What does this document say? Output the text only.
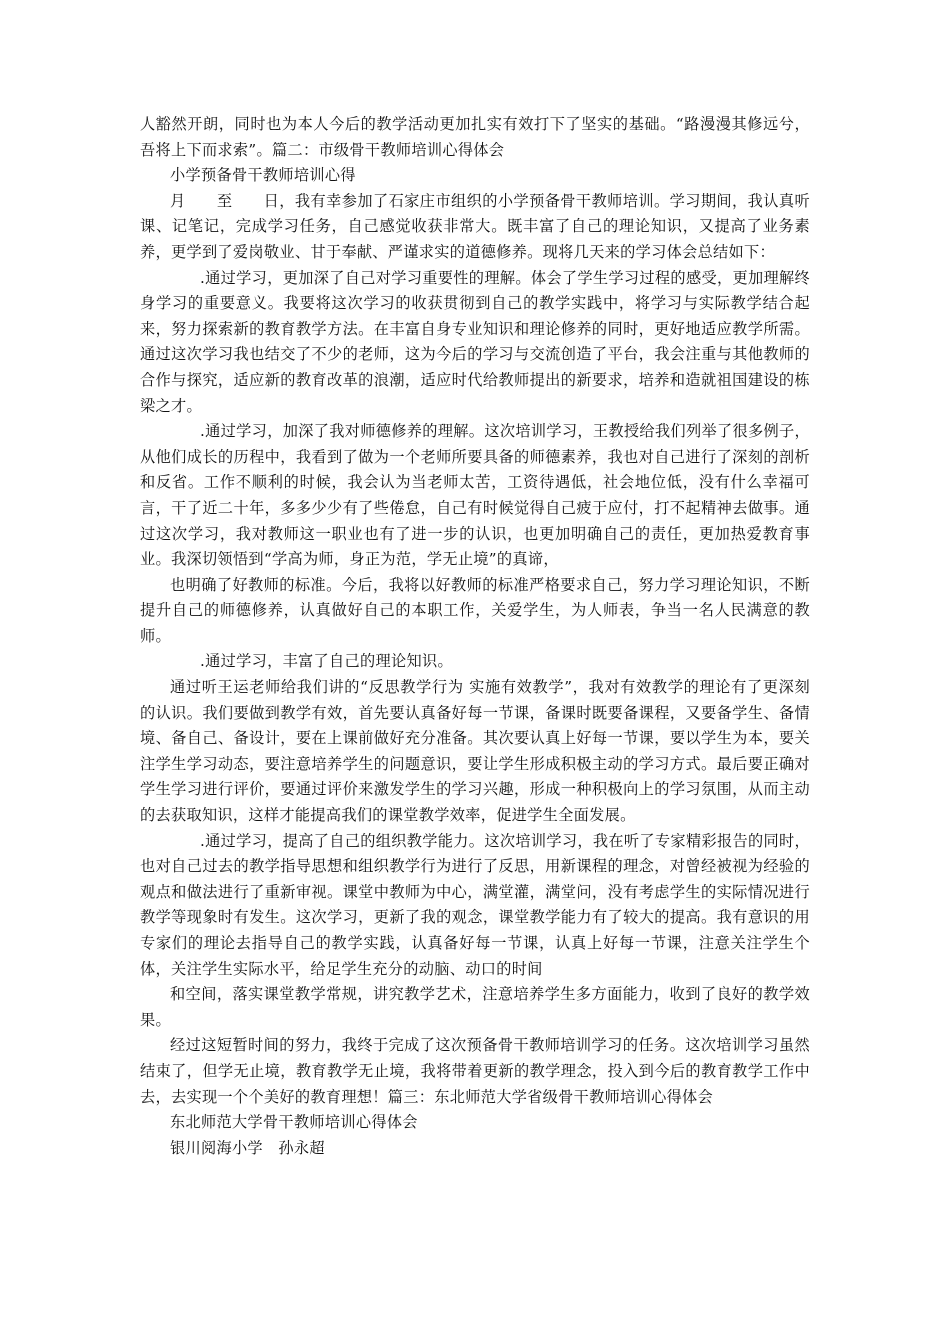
人豁然开朗，同时也为本人今后的教学活动更加扎实有效打下了坚实的基础。“路漫漫其修远兮，吾将上下而求索”。篇二：市级骨干教师培训心得体会

小学预备骨干教师培训心得

月　　至　　日，我有幸参加了石家庄市组织的小学预备骨干教师培训。学习期间，我认真听课、记笔记，完成学习任务，自己感觉收获非常大。既丰富了自己的理论知识，又提高了业务素养，更学到了爱岗敬业、甘于奉献、严谨求实的道德修养。现将几天来的学习体会总结如下：

.通过学习，更加深了自己对学习重要性的理解。体会了学生学习过程的感受，更加理解终身学习的重要意义。我要将这次学习的收获贯彻到自己的教学实践中，将学习与实际教学结合起来，努力探索新的教育教学方法。在丰富自身专业知识和理论修养的同时，更好地适应教学所需。通过这次学习我也结交了不少的老师，这为今后的学习与交流创造了平台，我会注重与其他教师的合作与探究，适应新的教育改革的浪潮，适应时代给教师提出的新要求，培养和造就祖国建设的栋梁之才。

.通过学习，加深了我对师德修养的理解。这次培训学习，王教授给我们列举了很多例子，从他们成长的历程中，我看到了做为一个老师所要具备的师德素养，我也对自己进行了深刻的剖析和反省。工作不顺利的时候，我会认为当老师太苦，工资待遇低，社会地位低，没有什么幸福可言，干了近二十年，多多少少有了些倦怠，自己有时候觉得自己疲于应付，打不起精神去做事。通过这次学习，我对教师这一职业也有了进一步的认识，也更加明确自己的责任，更加热爱教育事业。我深切领悟到“学高为师，身正为范，学无止境”的真谛，

也明确了好教师的标准。今后，我将以好教师的标准严格要求自己，努力学习理论知识，不断提升自己的师德修养，认真做好自己的本职工作，关爱学生，为人师表，争当一名人民满意的教师。

.通过学习，丰富了自己的理论知识。

通过听王运老师给我们讲的“反思教学行为 实施有效教学”，我对有效教学的理论有了更深刻的认识。我们要做到教学有效，首先要认真备好每一节课，备课时既要备课程，又要备学生、备情境、备自己、备设计，要在上课前做好充分准备。其次要认真上好每一节课，要以学生为本，要关注学生学习动态，要注意培养学生的问题意识，要让学生形成积极主动的学习方式。最后要正确对学生学习进行评价，要通过评价来激发学生的学习兴趣，形成一种积极向上的学习氛围，从而主动的去获取知识，这样才能提高我们的课堂教学效率，促进学生全面发展。

.通过学习，提高了自己的组织教学能力。这次培训学习，我在听了专家精彩报告的同时，也对自己过去的教学指导思想和组织教学行为进行了反思，用新课程的理念，对曾经被视为经验的观点和做法进行了重新审视。课堂中教师为中心，满堂灌，满堂问，没有考虑学生的实际情况进行教学等现象时有发生。这次学习，更新了我的观念，课堂教学能力有了较大的提高。我有意识的用专家们的理论去指导自己的教学实践，认真备好每一节课，认真上好每一节课，注意关注学生个体，关注学生实际水平，给足学生充分的动脑、动口的时间

和空间，落实课堂教学常规，讲究教学艺术，注意培养学生多方面能力，收到了良好的教学效果。

经过这短暂时间的努力，我终于完成了这次预备骨干教师培训学习的任务。这次培训学习虽然结束了，但学无止境，教育教学无止境，我将带着更新的教学理念，投入到今后的教育教学工作中去，去实现一个个美好的教育理想！篇三：东北师范大学省级骨干教师培训心得体会

东北师范大学骨干教师培训心得体会

银川阅海小学　孙永超
